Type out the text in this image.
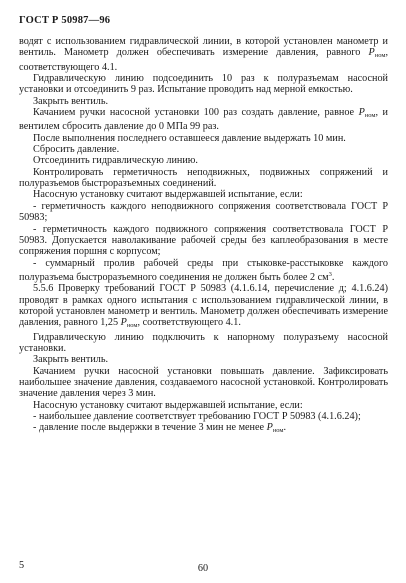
ГОСТ Р 50987—96

водят с использованием гидравлической линии, в которой установлен манометр и вентиль. Манометр должен обеспечивать измерение давления, равного $P_{ном}$, соответствующего 4.1.

Гидравлическую линию подсоединить 10 раз к полуразъемам насосной установки и отсоединить 9 раз. Испытание проводить над мерной емкостью.

Закрыть вентиль.

Качанием ручки насосной установки 100 раз создать давление, равное $P_{ном}$, и вентилем сбросить давление до 0 МПа 99 раз.

После выполнения последнего оставшееся давление выдержать 10 мин.

Сбросить давление.

Отсоединить гидравлическую линию.

Контролировать герметичность неподвижных, подвижных сопряжений и полуразъемов быстроразъемных соединений.

Насосную установку считают выдержавшей испытание, если:

- герметичность каждого неподвижного сопряжения соответствовала ГОСТ Р 50983;

- герметичность каждого подвижного сопряжения соответствовала ГОСТ Р 50983. Допускается наволакивание рабочей среды без каплеобразования в месте сопряжения поршня с корпусом;

- суммарный пролив рабочей среды при стыковке-расстыковке каждого полуразъема быстроразъемного соединения не должен быть более 2 $см^3$.

5.5.6 Проверку требований ГОСТ Р 50983 (4.1.6.14, перечисление д; 4.1.6.24) проводят в рамках одного испытания с использованием гидравлической линии, в которой установлен манометр и вентиль. Манометр должен обеспечивать измерение давления, равного 1,25 $P_{ном}$, соответствующего 4.1.

Гидравлическую линию подключить к напорному полуразъему насосной установки.

Закрыть вентиль.

Качанием ручки насосной установки повышать давление. Зафиксировать наибольшее значение давления, создаваемого насосной установкой. Контролировать значение давления через 3 мин.

Насосную установку считают выдержавшей испытание, если:

- наибольшее давление соответствует требованию ГОСТ Р 50983 (4.1.6.24);

- давление после выдержки в течение 3 мин не менее $P_{ном}$.

5	60
